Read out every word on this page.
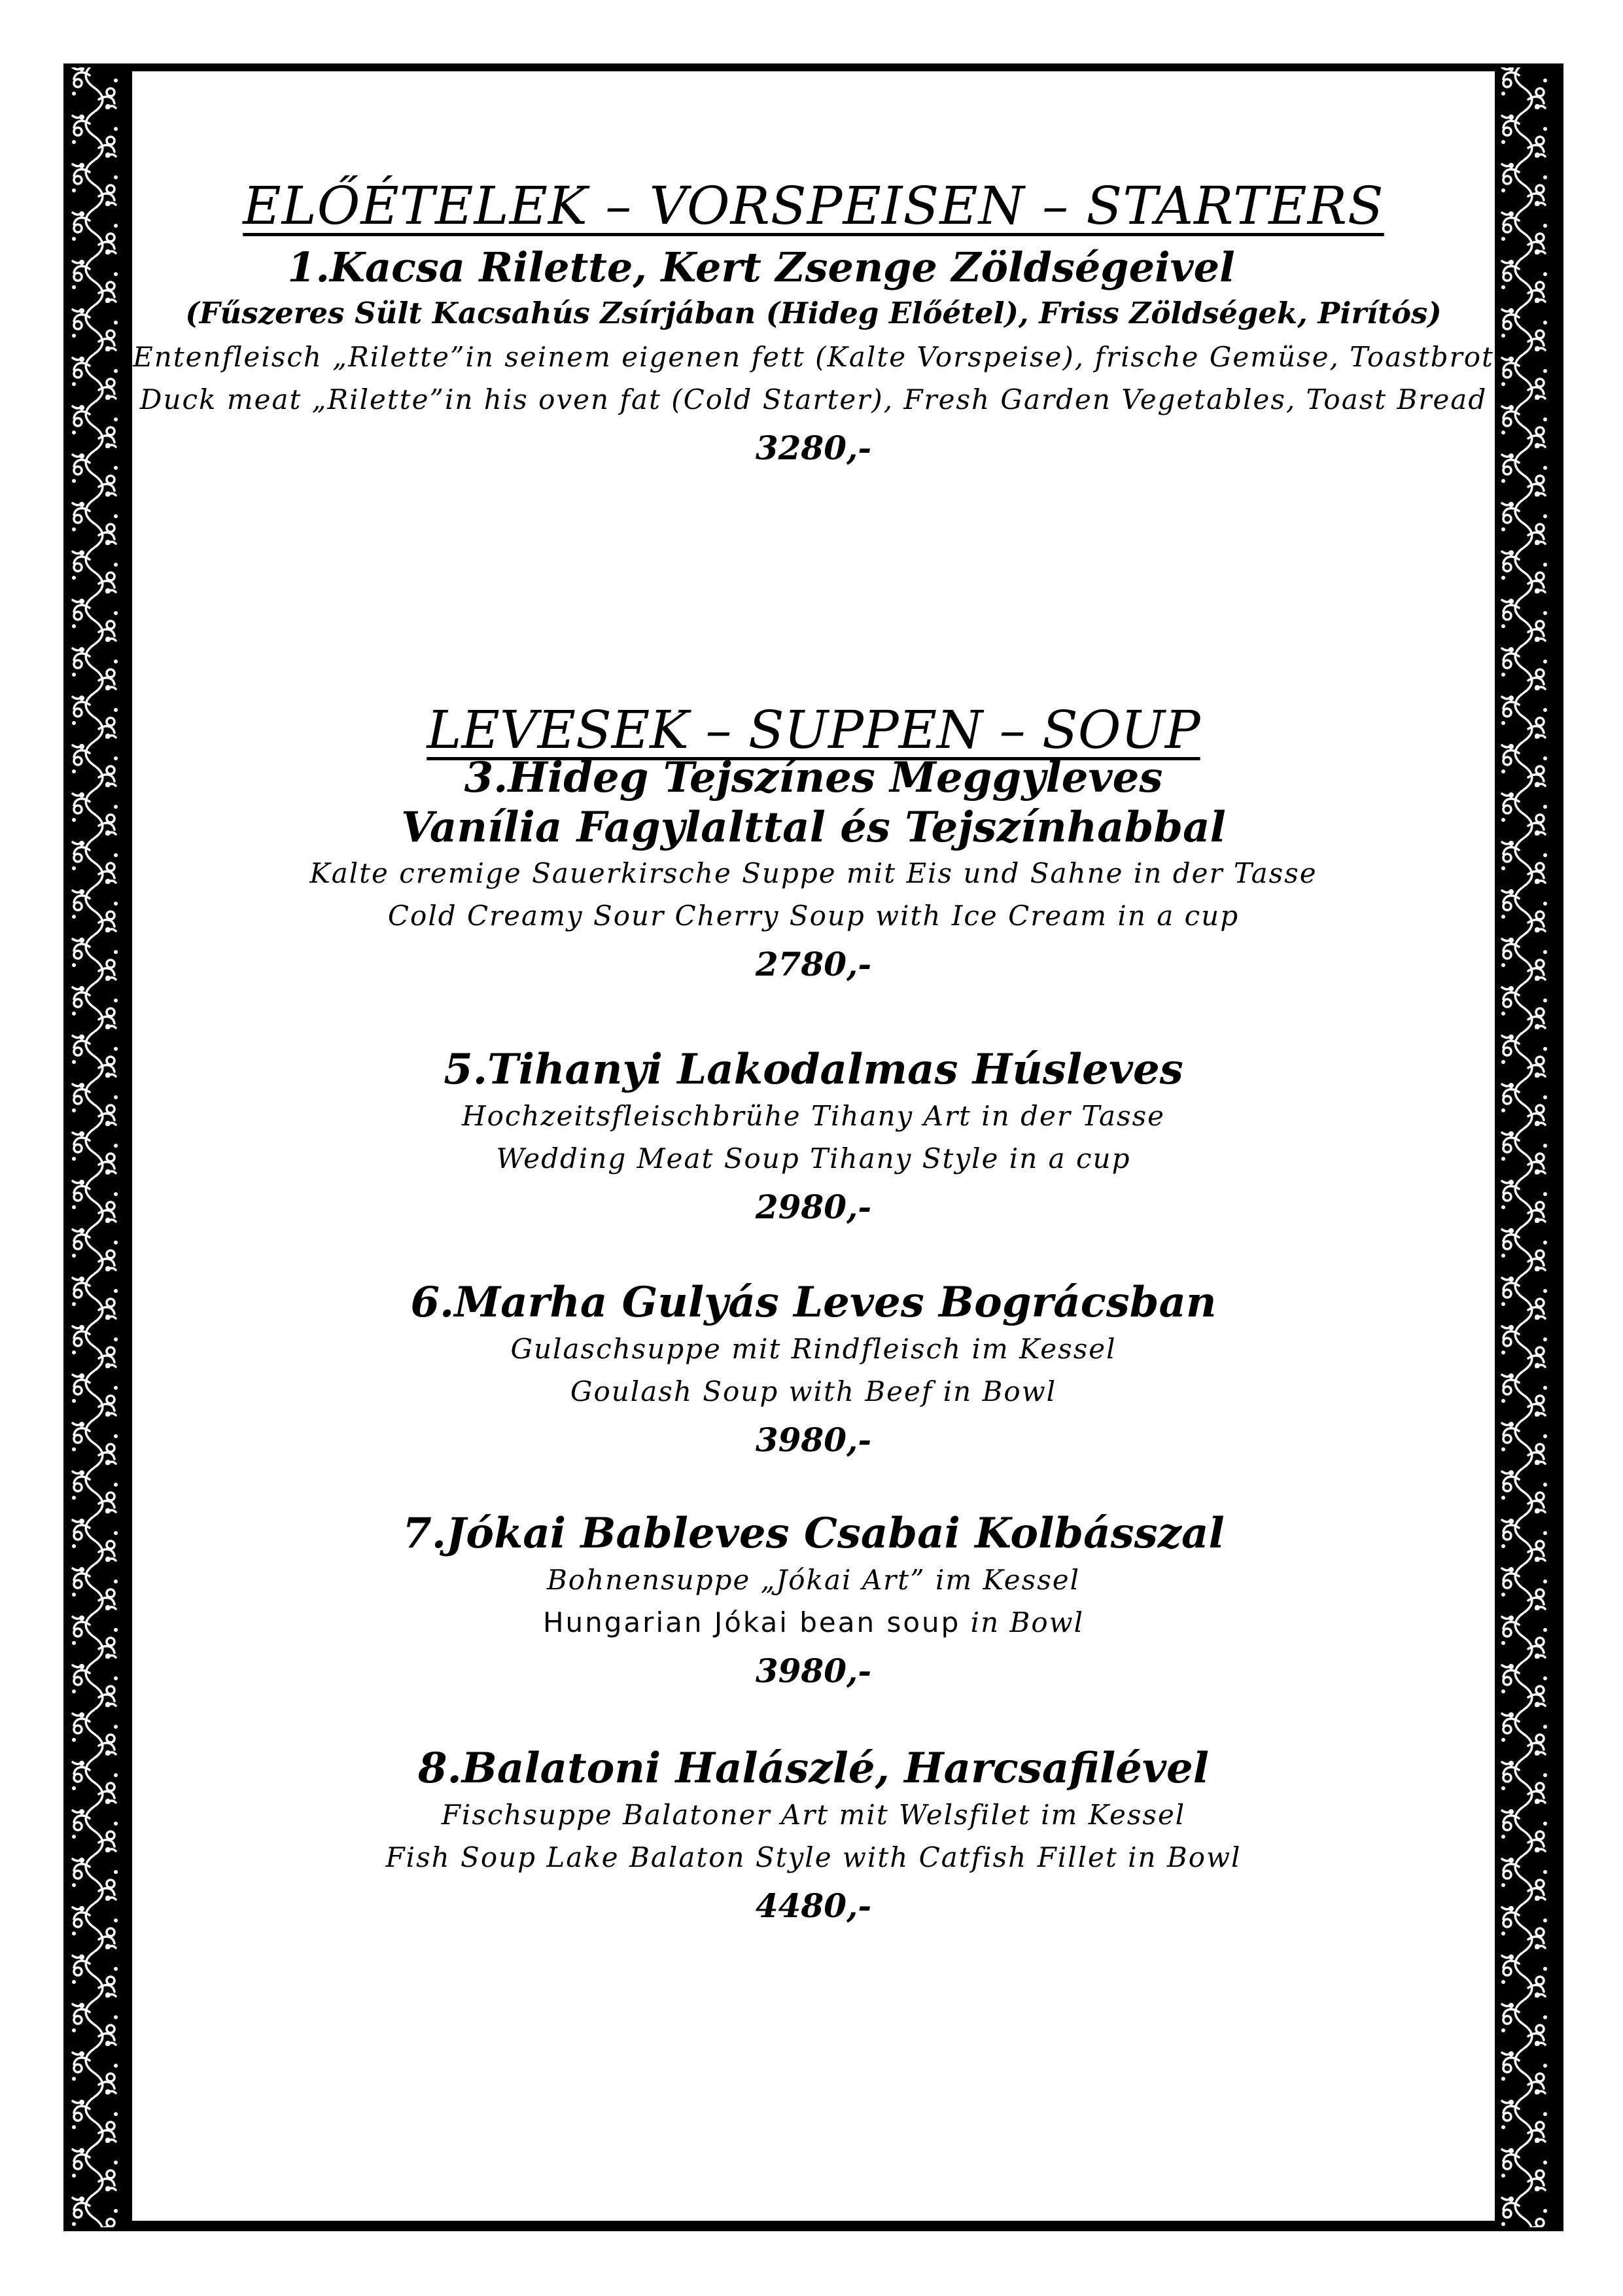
ELŐÉTELEK – VORSPEISEN – STARTERS
1.Kacsa Rilette, Kert Zsenge Zöldségeivel
(Fűszeres Sült Kacsahús Zsírjában (Hideg Előétel), Friss Zöldségek, Pirítós)
Entenfleisch „Rilette”in seinem eigenen fett (Kalte Vorspeise), frische Gemüse, Toastbrot
Duck meat „Rilette”in his oven fat (Cold Starter), Fresh Garden Vegetables, Toast Bread
3280,-
LEVESEK – SUPPEN – SOUP
3.Hideg Tejszínes Meggyleves
Vanília Fagylalttal és Tejszínhabbal
Kalte cremige Sauerkirsche Suppe mit Eis und Sahne in der Tasse
Cold Creamy Sour Cherry Soup with Ice Cream in a cup
2780,-
5.Tihanyi Lakodalmas Húsleves
Hochzeitsfleischbrühe Tihany Art in der Tasse
Wedding Meat Soup Tihany Style in a cup
2980,-
6.Marha Gulyás Leves Bográcsban
Gulaschsuppe mit Rindfleisch im Kessel
Goulash Soup with Beef in Bowl
3980,-
7.Jókai Bableves Csabai Kolbásszal
Bohnensuppe „Jókai Art” im Kessel
Hungarian Jókai bean soup in Bowl
3980,-
8.Balatoni Halászlé, Harcsafilével
Fischsuppe Balatoner Art mit Welsfilet im Kessel
Fish Soup Lake Balaton Style with Catfish Fillet in Bowl
4480,-
